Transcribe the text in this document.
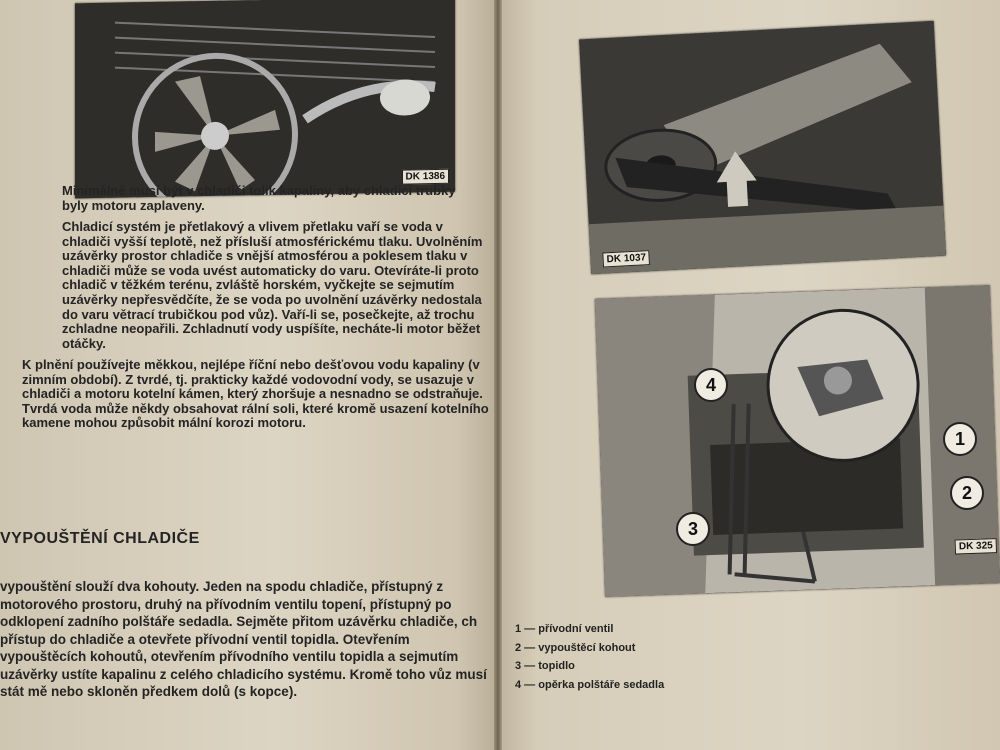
DK 1386
Minimálně musí být v chladiči tolik kapaliny, aby chladicí trubky byly motoru zaplaveny.
Chladicí systém je přetlakový a vlivem přetlaku vaří se voda v chladiči vyšší teplotě, než přísluší atmosférickému tlaku. Uvolněním uzávěrky prostor chladiče s vnější atmosférou a poklesem tlaku v chladiči může se voda uvést automaticky do varu. Otevíráte-li proto chladič v těžkém terénu, zvláště horském, vyčkejte se sejmutím uzávěrky nepřesvědčíte, že se voda po uvolnění uzávěrky nedostala do varu větrací trubičkou pod vůz). Vaří-li se, posečkejte, až trochu zchladne neopařili. Zchladnutí vody uspíšíte, necháte-li motor běžet otáčky.
K plnění používejte měkkou, nejlépe říční nebo dešťovou vodu kapaliny (v zimním období). Z tvrdé, tj. prakticky každé vodovodní vody, se usazuje v chladiči a motoru kotelní kámen, který zhoršuje a nesnadno se odstraňuje. Tvrdá voda může někdy obsahovat rální soli, které kromě usazení kotelního kamene mohou způsobit mální korozi motoru.
VYPOUŠTĚNÍ CHLADIČE
vypouštění slouží dva kohouty. Jeden na spodu chladiče, přístupný z motorového prostoru, druhý na přívodním ventilu topení, přístupný po odklopení zadního polštáře sedadla. Sejměte přitom uzávěrku chladiče, ch přístup do chladiče a otevřete přívodní ventil topidla. Otevřením vypouštěcích kohoutů, otevřením přívodního ventilu topidla a sejmutím uzávěrky ustíte kapalinu z celého chladicího systému. Kromě toho vůz musí stát mě nebo skloněn předkem dolů (s kopce).
DK 1037
DK 325
1
2
3
4
1 — přívodní ventil
2 — vypouštěcí kohout
3 — topidlo
4 — opěrka polštáře sedadla
